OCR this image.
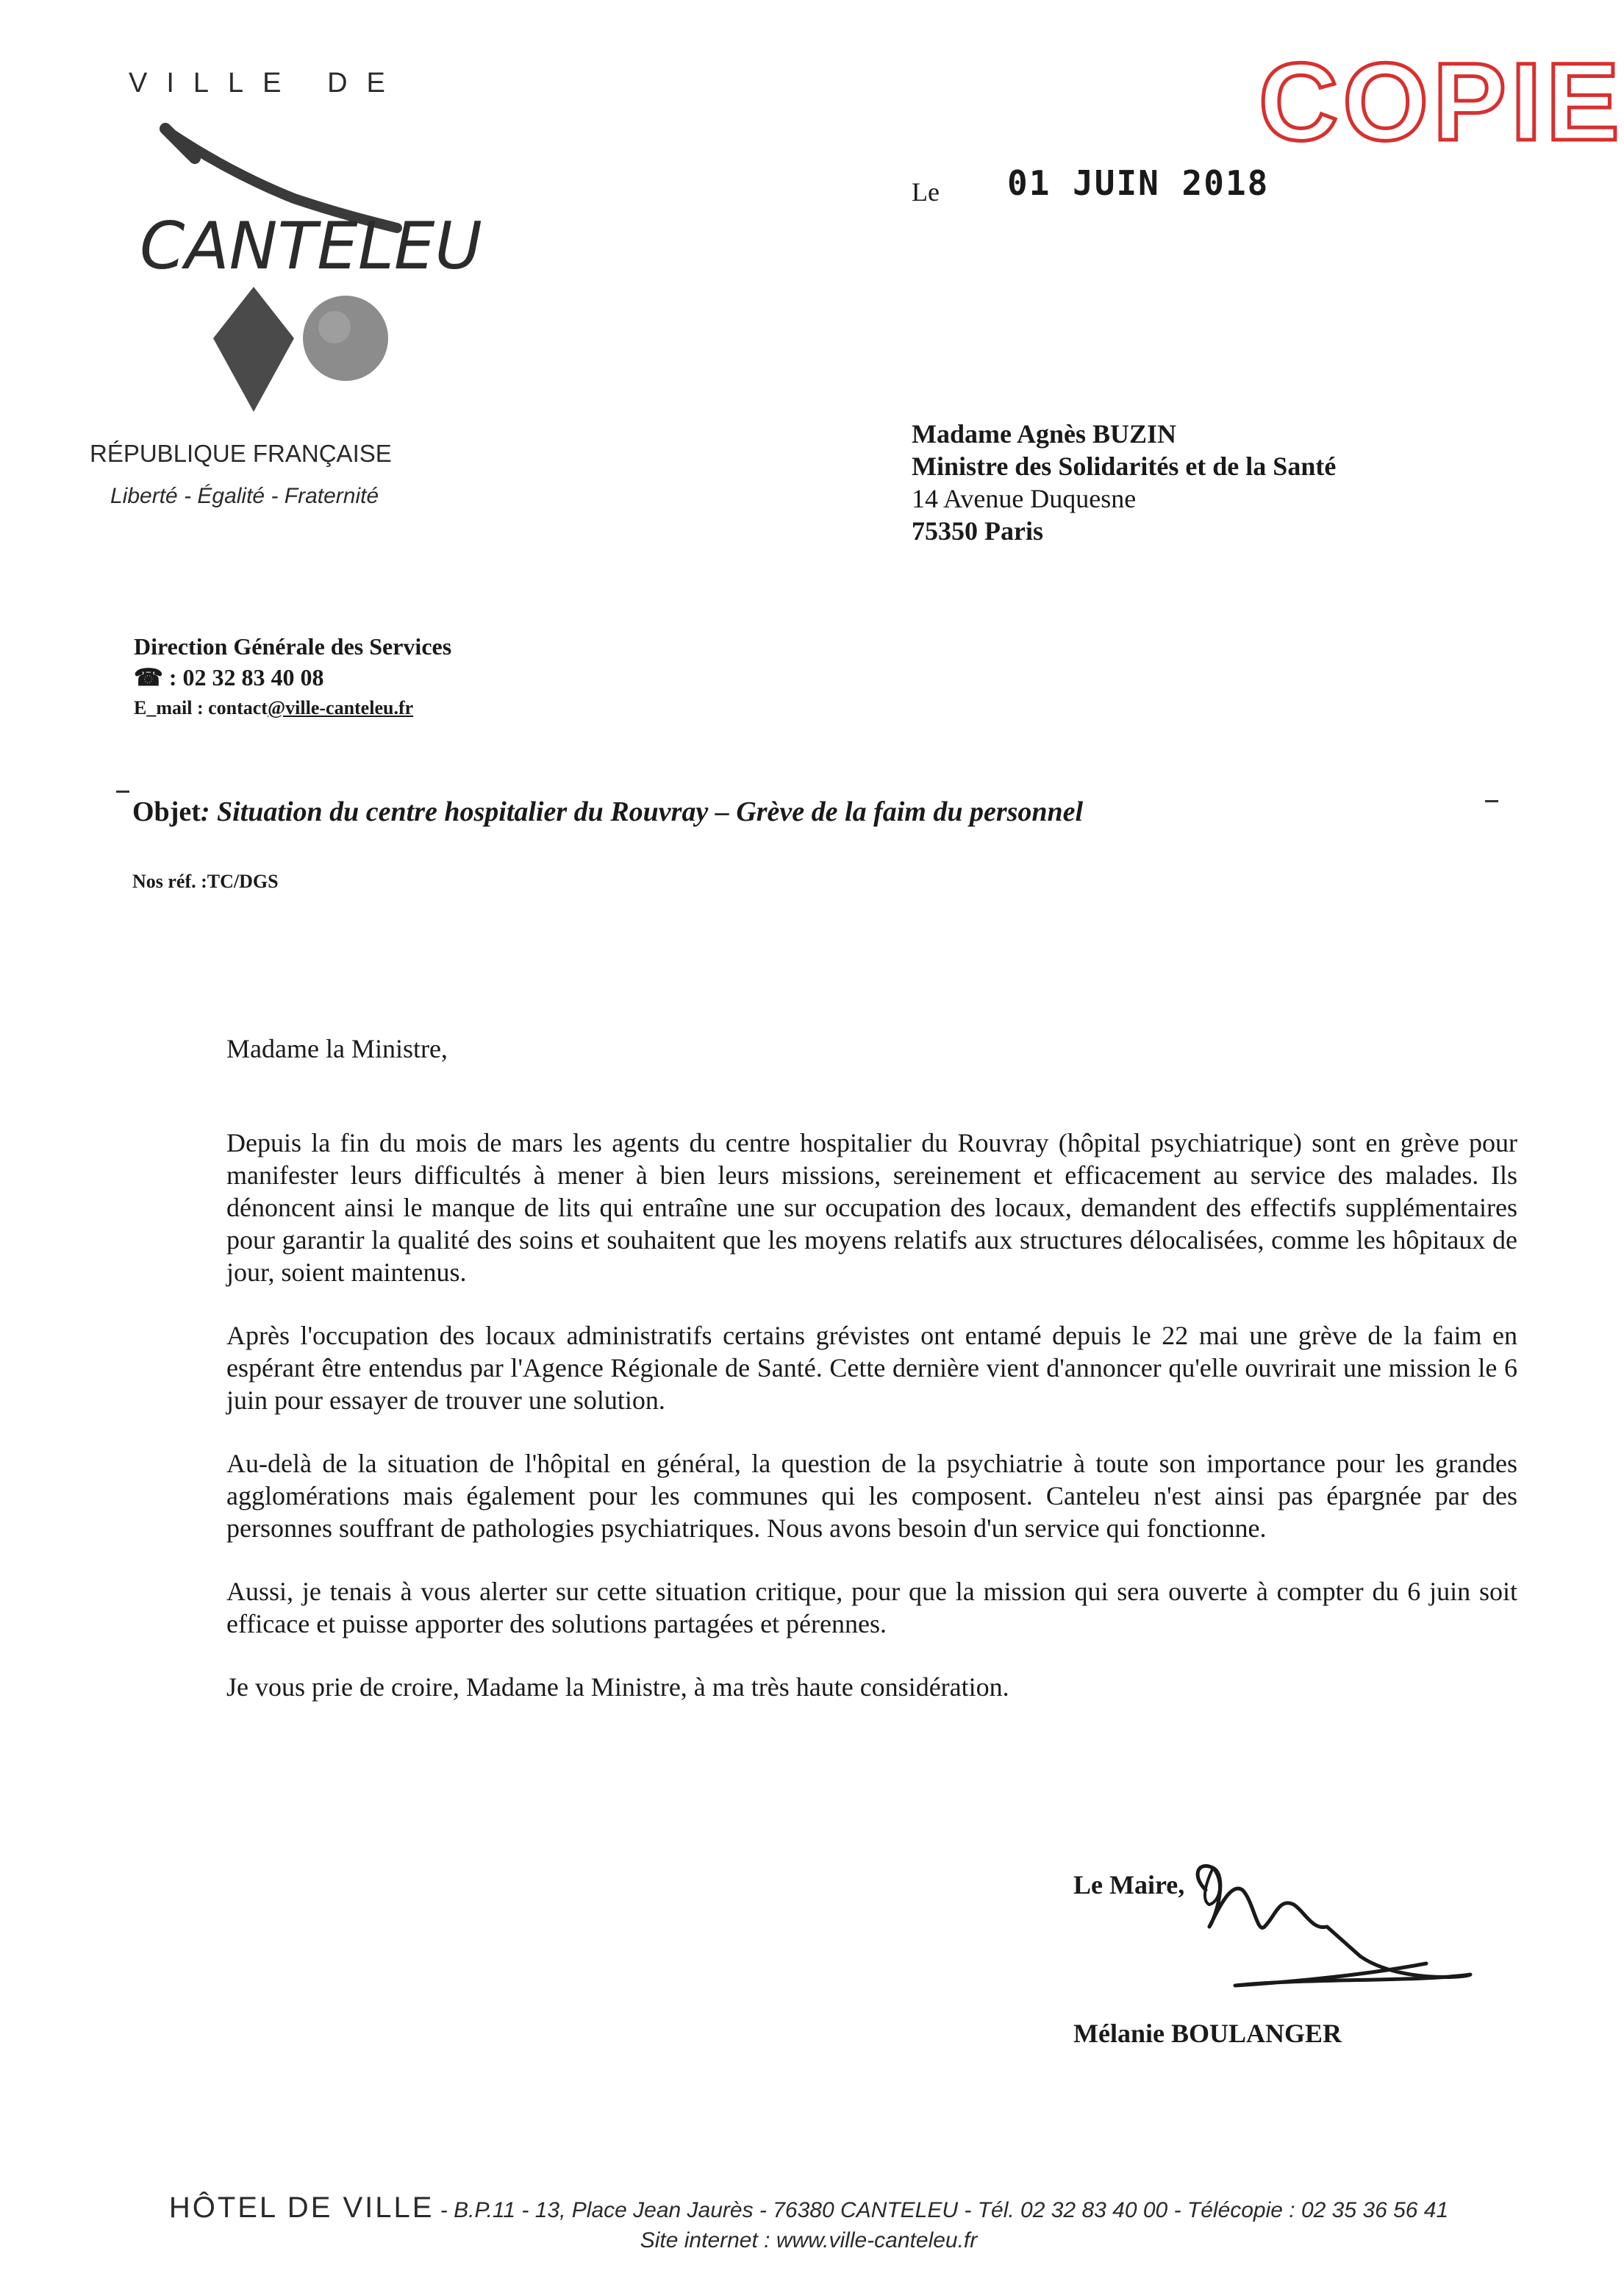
VILLE DE
CANTELEU
RÉPUBLIQUE FRANÇAISE
Liberté - Égalité - Fraternité
COPIE
Le 01 JUIN 2018
Madame Agnès BUZIN
Ministre des Solidarités et de la Santé
14 Avenue Duquesne
75350 Paris
Direction Générale des Services
☎ : 02 32 83 40 08
E_mail : contact@ville-canteleu.fr
Objet: Situation du centre hospitalier du Rouvray – Grève de la faim du personnel
Nos réf. :TC/DGS

Madame la Ministre,

Depuis la fin du mois de mars les agents du centre hospitalier du Rouvray (hôpital psychiatrique) sont en grève pour manifester leurs difficultés à mener à bien leurs missions, sereinement et efficacement au service des malades. Ils dénoncent ainsi le manque de lits qui entraîne une sur occupation des locaux, demandent des effectifs supplémentaires pour garantir la qualité des soins et souhaitent que les moyens relatifs aux structures délocalisées, comme les hôpitaux de jour, soient maintenus.

Après l'occupation des locaux administratifs certains grévistes ont entamé depuis le 22 mai une grève de la faim en espérant être entendus par l'Agence Régionale de Santé. Cette dernière vient d'annoncer qu'elle ouvrirait une mission le 6 juin pour essayer de trouver une solution.

Au-delà de la situation de l'hôpital en général, la question de la psychiatrie à toute son importance pour les grandes agglomérations mais également pour les communes qui les composent. Canteleu n'est ainsi pas épargnée par des personnes souffrant de pathologies psychiatriques. Nous avons besoin d'un service qui fonctionne.

Aussi, je tenais à vous alerter sur cette situation critique, pour que la mission qui sera ouverte à compter du 6 juin soit efficace et puisse apporter des solutions partagées et pérennes.

Je vous prie de croire, Madame la Ministre, à ma très haute considération.

Le Maire,
Mélanie BOULANGER
HÔTEL DE VILLE - B.P.11 - 13, Place Jean Jaurès - 76380 CANTELEU - Tél. 02 32 83 40 00 - Télécopie : 02 35 36 56 41
Site internet : www.ville-canteleu.fr
